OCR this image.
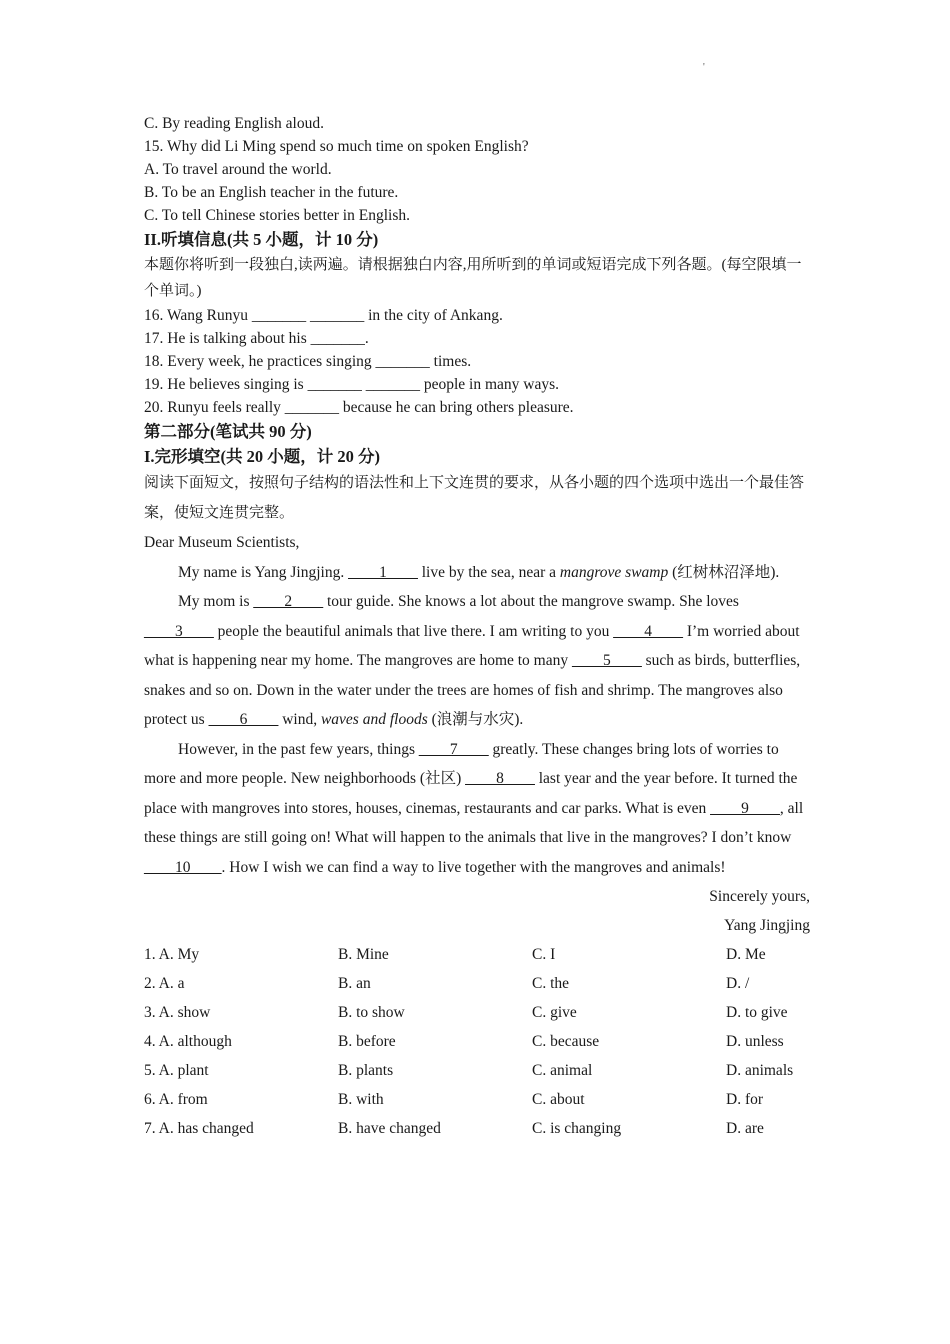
'
C. By reading English aloud.
15. Why did Li Ming spend so much time on spoken English?
A. To travel around the world.
B. To be an English teacher in the future.
C. To tell Chinese stories better in English.
II.听填信息(共 5 小题，计 10 分)
本题你将听到一段独白,读两遍。请根据独白内容,用所听到的单词或短语完成下列各题。(每空限填一个单词。)
16. Wang Runyu _______ _______ in the city of Ankang.
17. He is talking about his _______.
18. Every week, he practices singing _______ times.
19. He believes singing is _______ _______ people in many ways.
20. Runyu feels really _______ because he can bring others pleasure.
第二部分(笔试共 90 分)
I.完形填空(共 20 小题，计 20 分)
阅读下面短文，按照句子结构的语法性和上下文连贯的要求，从各小题的四个选项中选出一个最佳答案，使短文连贯完整。
Dear Museum Scientists,
My name is Yang Jingjing. ____1____ live by the sea, near a mangrove swamp (红树林沼泽地).
My mom is ____2____ tour guide. She knows a lot about the mangrove swamp. She loves ____3____ people the beautiful animals that live there. I am writing to you ____4____ I’m worried about what is happening near my home. The mangroves are home to many ____5____ such as birds, butterflies, snakes and so on. Down in the water under the trees are homes of fish and shrimp. The mangroves also protect us ____6____ wind, waves and floods (浪潮与水灾).
However, in the past few years, things ____7____ greatly. These changes bring lots of worries to more and more people. New neighborhoods (社区) ____8____ last year and the year before. It turned the place with mangroves into stores, houses, cinemas, restaurants and car parks. What is even ____9____, all these things are still going on! What will happen to the animals that live in the mangroves? I don’t know ____10____. How I wish we can find a way to live together with the mangroves and animals!
Sincerely yours,
Yang Jingjing
1. A. My	B. Mine	C. I	D. Me
2. A. a	B. an	C. the	D. /
3. A. show	B. to show	C. give	D. to give
4. A. although	B. before	C. because	D. unless
5. A. plant	B. plants	C. animal	D. animals
6. A. from	B. with	C. about	D. for
7. A. has changed	B. have changed	C. is changing	D. are
